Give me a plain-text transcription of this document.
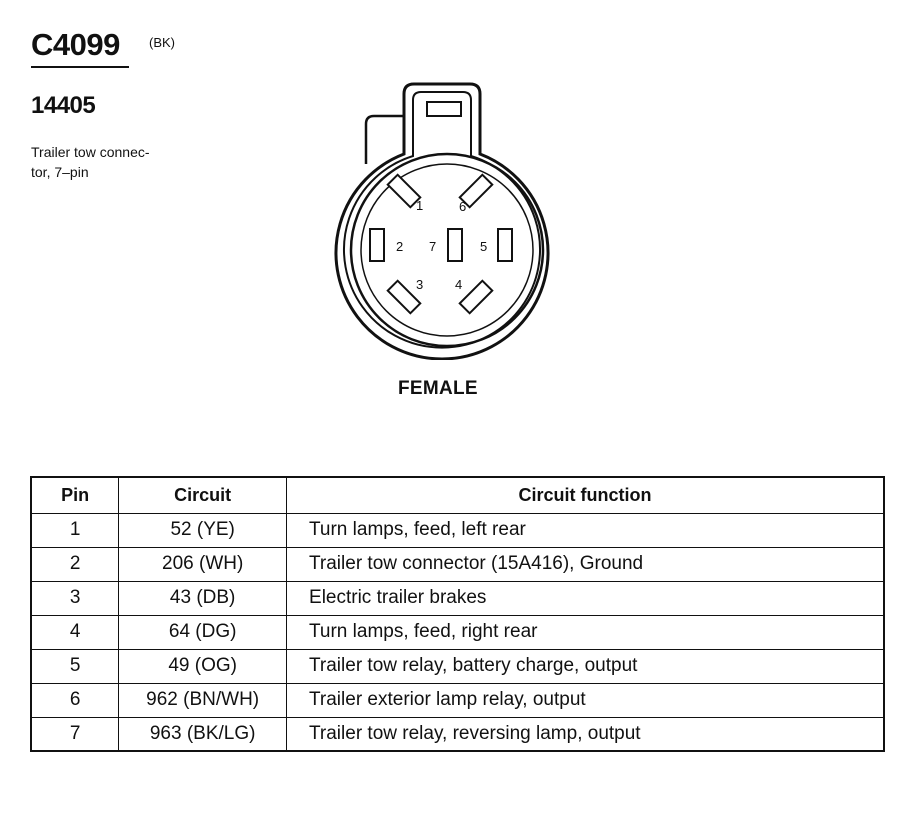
C4099 (BK)
14405
Trailer tow connec-
tor, 7–pin
1	6
2 7	5
3 4
FEMALE
Pin	Circuit	Circuit function
1	52 (YE)	Turn lamps, feed, left rear
2	206 (WH)	Trailer tow connector (15A416), Ground
3	43 (DB)	Electric trailer brakes
4	64 (DG)	Turn lamps, feed, right rear
5	49 (OG)	Trailer tow relay, battery charge, output
6	962 (BN/WH)	Trailer exterior lamp relay, output
7	963 (BK/LG)	Trailer tow relay, reversing lamp, output
